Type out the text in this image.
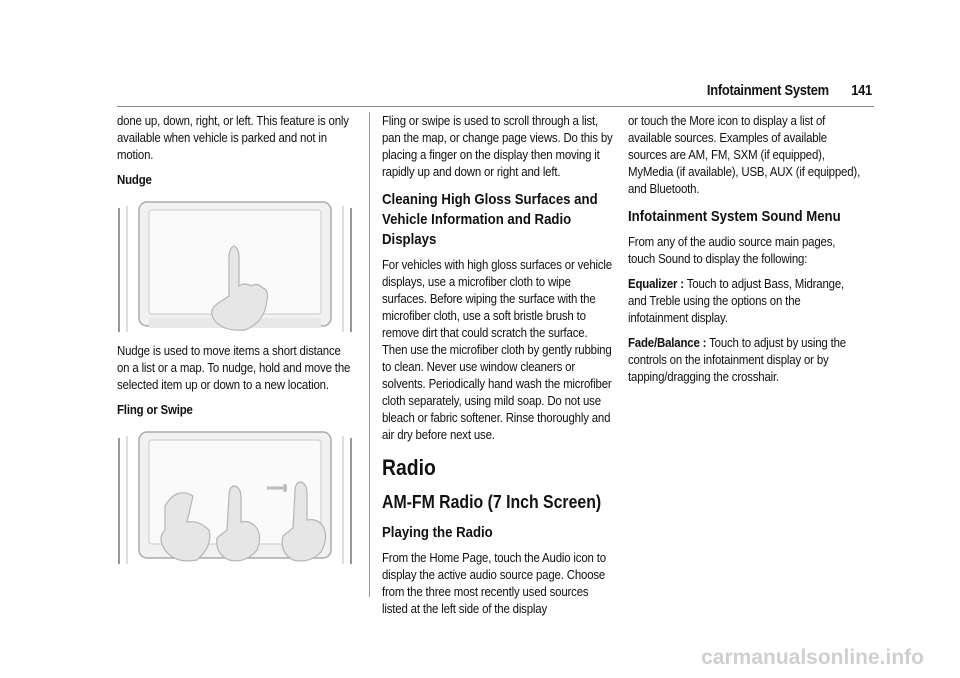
Infotainment System 141

done up, down, right, or left. This feature is only available when vehicle is parked and not in motion.

Nudge

Nudge is used to move items a short distance on a list or a map. To nudge, hold and move the selected item up or down to a new location.

Fling or Swipe

Fling or swipe is used to scroll through a list, pan the map, or change page views. Do this by placing a finger on the display then moving it rapidly up and down or right and left.

Cleaning High Gloss Surfaces and Vehicle Information and Radio Displays

For vehicles with high gloss surfaces or vehicle displays, use a microfiber cloth to wipe surfaces. Before wiping the surface with the microfiber cloth, use a soft bristle brush to remove dirt that could scratch the surface. Then use the microfiber cloth by gently rubbing to clean. Never use window cleaners or solvents. Periodically hand wash the microfiber cloth separately, using mild soap. Do not use bleach or fabric softener. Rinse thoroughly and air dry before next use.

Radio
AM-FM Radio (7 Inch Screen)
Playing the Radio

From the Home Page, touch the Audio icon to display the active audio source page. Choose from the three most recently used sources listed at the left side of the display

or touch the More icon to display a list of available sources. Examples of available sources are AM, FM, SXM (if equipped), MyMedia (if available), USB, AUX (if equipped), and Bluetooth.

Infotainment System Sound Menu

From any of the audio source main pages, touch Sound to display the following:

Equalizer : Touch to adjust Bass, Midrange, and Treble using the options on the infotainment display.

Fade/Balance : Touch to adjust by using the controls on the infotainment display or by tapping/dragging the crosshair.

carmanualsonline.info
